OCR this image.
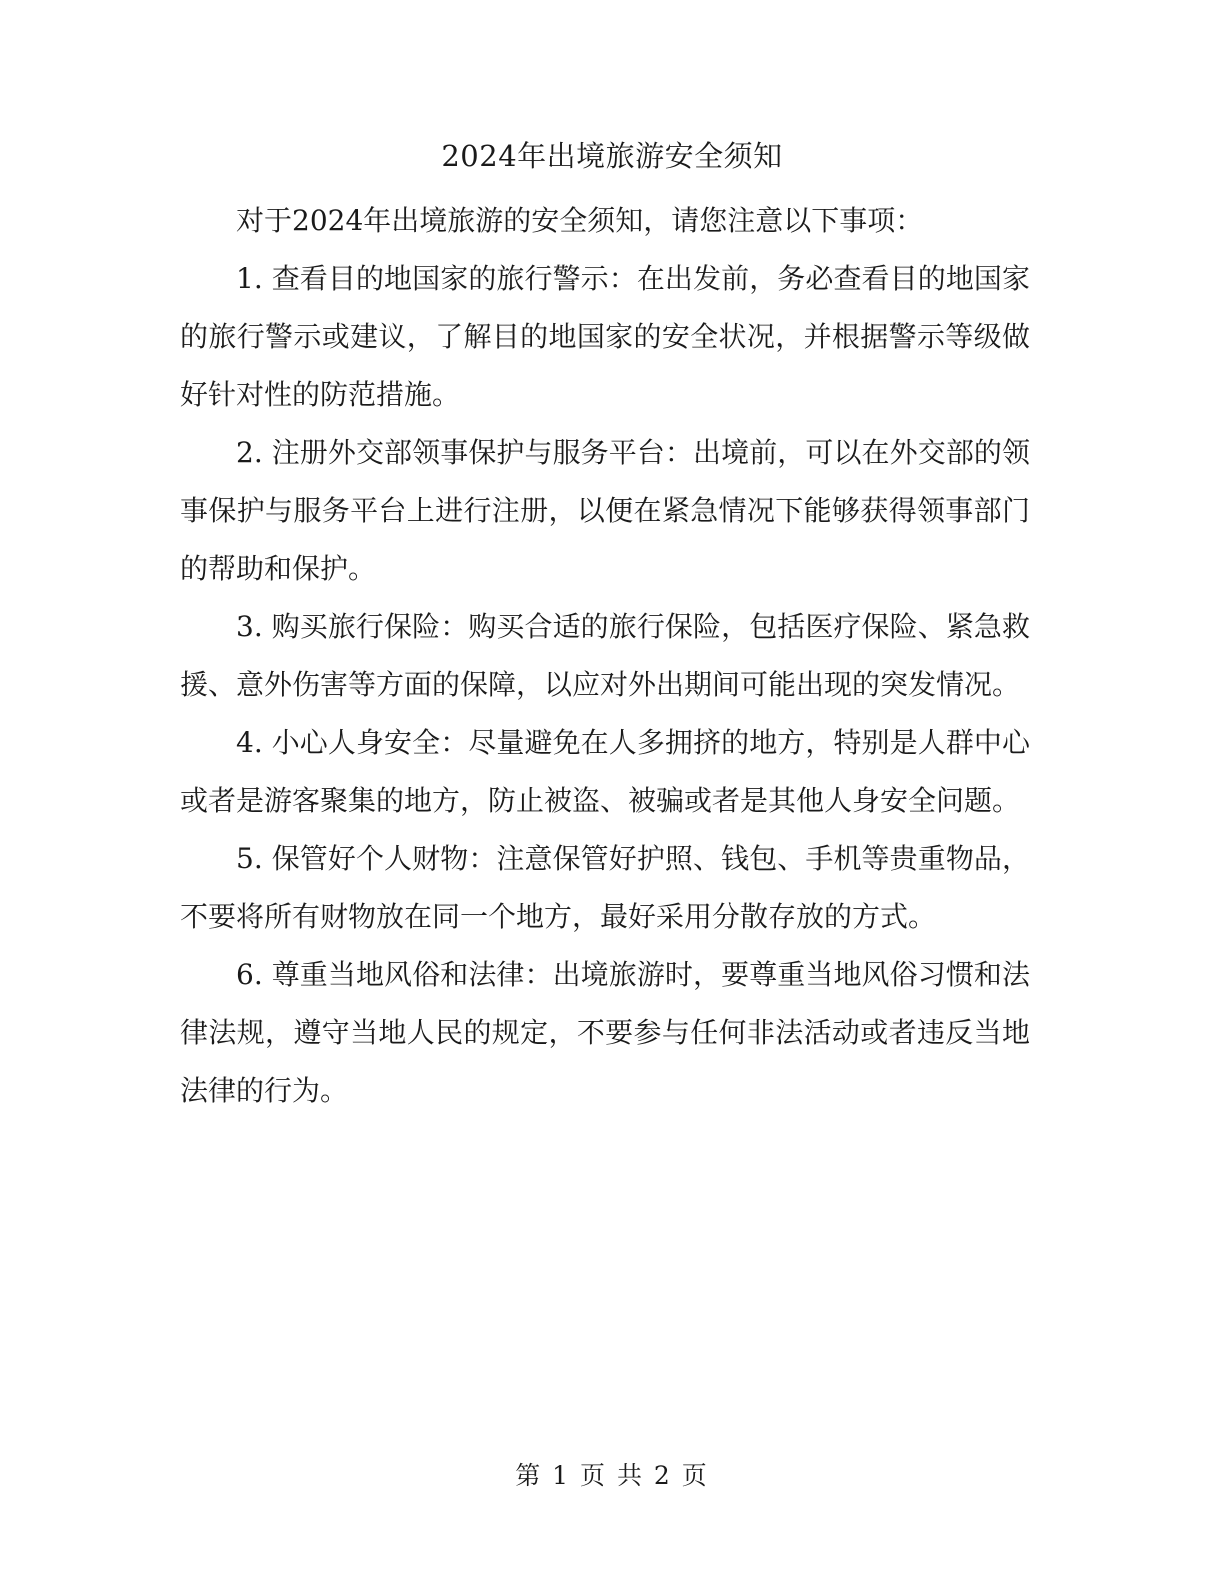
2024年出境旅游安全须知

对于2024年出境旅游的安全须知，请您注意以下事项：

1. 查看目的地国家的旅行警示：在出发前，务必查看目的地国家的旅行警示或建议，了解目的地国家的安全状况，并根据警示等级做好针对性的防范措施。

2. 注册外交部领事保护与服务平台：出境前，可以在外交部的领事保护与服务平台上进行注册，以便在紧急情况下能够获得领事部门的帮助和保护。

3. 购买旅行保险：购买合适的旅行保险，包括医疗保险、紧急救援、意外伤害等方面的保障，以应对外出期间可能出现的突发情况。

4. 小心人身安全：尽量避免在人多拥挤的地方，特别是人群中心或者是游客聚集的地方，防止被盗、被骗或者是其他人身安全问题。

5. 保管好个人财物：注意保管好护照、钱包、手机等贵重物品，不要将所有财物放在同一个地方，最好采用分散存放的方式。

6. 尊重当地风俗和法律：出境旅游时，要尊重当地风俗习惯和法律法规，遵守当地人民的规定，不要参与任何非法活动或者违反当地法律的行为。

第 1 页 共 2 页
